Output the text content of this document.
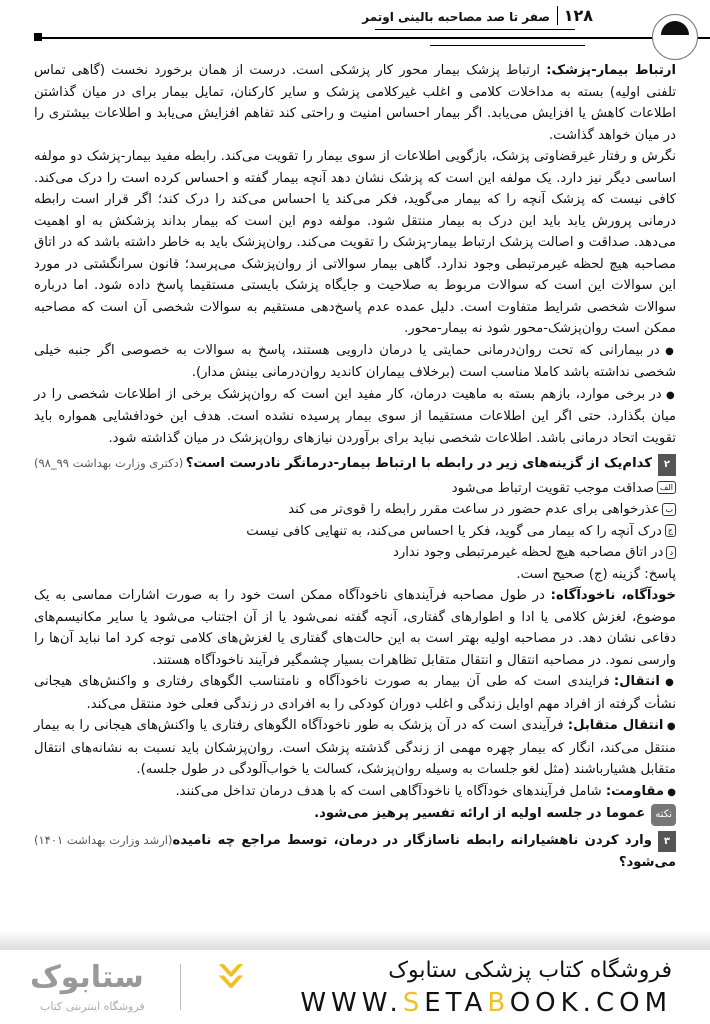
صفر تا صد مصاحبه بالینی اوتمر ۱۲۸

ارتباط بیمار-پزشک: ارتباط پزشک بیمار محور کار پزشکی است. درست از همان برخورد نخست (گاهی تماس تلفنی اولیه) بسته به مداخلات کلامی و اغلب غیرکلامی پزشک و سایر کارکنان، تمایل بیمار برای در میان گذاشتن اطلاعات کاهش یا افزایش می‌یابد. اگر بیمار احساس امنیت و راحتی کند تفاهم افزایش می‌یابد و اطلاعات بیشتری را در میان خواهد گذاشت.

نگرش و رفتار غیرقضاوتی پزشک، بازگویی اطلاعات از سوی بیمار را تقویت می‌کند. رابطه مفید بیمار-پزشک دو مولفه اساسی دیگر نیز دارد. یک مولفه این است که پزشک نشان دهد آنچه بیمار گفته و احساس کرده است را درک می‌کند. کافی نیست که پزشک آنچه را که بیمار می‌گوید، فکر می‌کند یا احساس می‌کند را درک کند؛ اگر قرار است رابطه درمانی پرورش یابد باید این درک به بیمار منتقل شود. مولفه دوم این است که بیمار بداند پزشکش به او اهمیت می‌دهد. صداقت و اصالت پزشک ارتباط بیمار-پزشک را تقویت می‌کند. روان‌پزشک باید به خاطر داشته باشد که در اتاق مصاحبه هیچ لحظه غیرمرتبطی وجود ندارد. گاهی بیمار سوالاتی از روان‌پزشک می‌پرسد؛ قانون سرانگشتی در مورد این سوالات این است که سوالات مربوط به صلاحیت و جایگاه پزشک بایستی مستقیما پاسخ داده شود. اما درباره سوالات شخصی شرایط متفاوت است. دلیل عمده عدم پاسخ‌دهی مستقیم به سوالات شخصی آن است که مصاحبه ممکن است روان‌پزشک-محور شود نه بیمار-محور.

● در بیمارانی که تحت روان‌درمانی حمایتی یا درمان دارویی هستند، پاسخ به سوالات به خصوصی اگر جنبه خیلی شخصی نداشته باشد کاملا مناسب است (برخلاف بیماران کاندید روان‌درمانی بینش مدار).

● در برخی موارد، بازهم بسته به ماهیت درمان، کار مفید این است که روان‌پزشک برخی از اطلاعات شخصی را در میان بگذارد. حتی اگر این اطلاعات مستقیما از سوی بیمار پرسیده نشده است. هدف این خودافشایی همواره باید تقویت اتحاد درمانی باشد. اطلاعات شخصی نباید برای برآوردن نیازهای روان‌پزشک در میان گذاشته شود.

۲کدام‌یک از گزینه‌های زیر در رابطه با ارتباط بیمار-درمانگر نادرست است؟
(دکتری وزارت بهداشت ۹۹_۹۸)

الفصداقت موجب تقویت ارتباط می‌شود

بعذرخواهی برای عدم حضور در ساعت مقرر رابطه را قوی‌تر می کند

جدرک آنچه را که بیمار می گوید، فکر یا احساس می‌کند، به تنهایی کافی نیست

ددر اتاق مصاحبه هیچ لحظه غیرمرتبطی وجود ندارد

پاسخ: گزینه (ج) صحیح است.

خودآگاه، ناخودآگاه: در طول مصاحبه فرآیندهای ناخودآگاه ممکن است خود را به صورت اشارات مماسی به یک موضوع، لغزش کلامی یا ادا و اطوارهای گفتاری، آنچه گفته نمی‌شود یا از آن اجتناب می‌شود یا سایر مکانیسم‌های دفاعی نشان دهد. در مصاحبه اولیه بهتر است به این حالت‌های گفتاری یا لغزش‌های کلامی توجه کرد اما نباید آن‌ها را وارسی نمود. در مصاحبه انتقال و انتقال متقابل تظاهرات بسیار چشمگیر فرآیند ناخودآگاه هستند.

● انتقال: فرایندی است که طی آن بیمار به صورت ناخودآگاه و نامتناسب الگوهای رفتاری و واکنش‌های هیجانی نشأت گرفته از افراد مهم اوایل زندگی و اغلب دوران کودکی را به افرادی در زندگی فعلی خود منتقل می‌کند.

● انتقال متقابل: فرآیندی است که در آن پزشک به طور ناخودآگاه الگوهای رفتاری یا واکنش‌های هیجانی را به بیمار منتقل می‌کند، انگار که بیمار چهره مهمی از زندگی گذشته پزشک است. روان‌پزشکان باید نسبت به نشانه‌های انتقال متقابل هشیارباشند (مثل لغو جلسات به وسیله روان‌پزشک، کسالت یا خواب‌آلودگی در طول جلسه).

● مقاومت: شامل فرآیندهای خودآگاه یا ناخودآگاهی است که با هدف درمان تداخل می‌کنند.

نکتهعموما در جلسه اولیه از ارائه تفسیر پرهیز می‌شود.

۳وارد کردن ناهشیارانه رابطه ناسازگار در درمان، توسط مراجع چه نامیده می‌شود؟
(ارشد وزارت بهداشت ۱۴۰۱)
فروشگاه کتاب پزشکی ستابوک
WWW.SETABOOK.COM
»
ستابوک
فروشگاه اینترنتی کتاب
